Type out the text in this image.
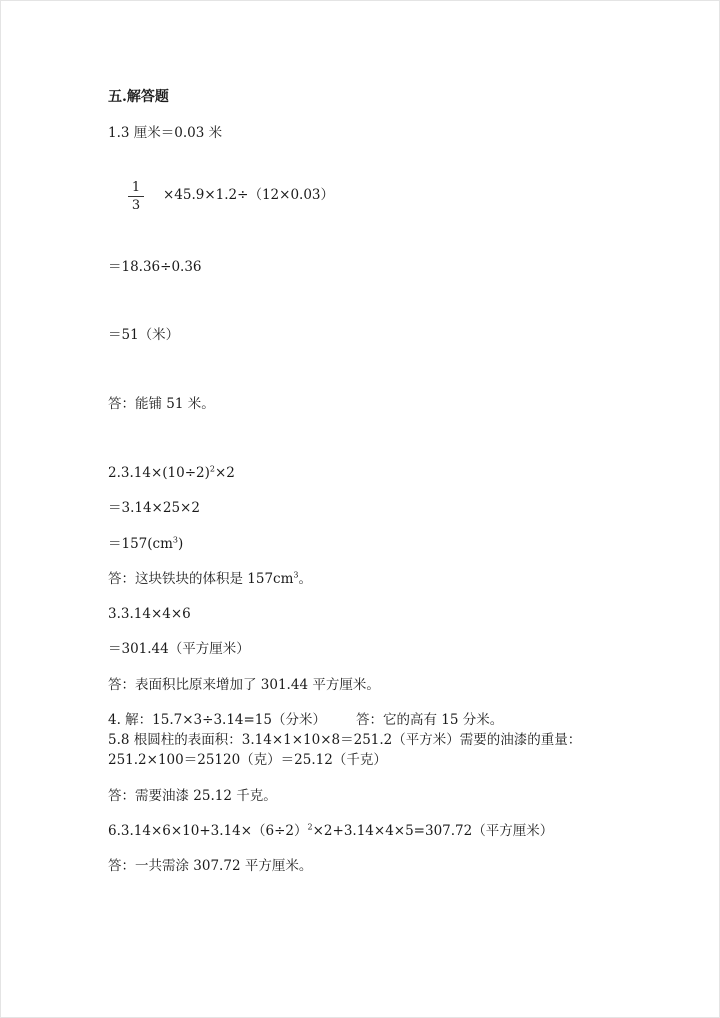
五.解答题
1.3 厘米＝0.03 米
1
3
×45.9×1.2÷（12×0.03）
＝18.36÷0.36
＝51（米）
答：能铺 51 米。
$2.3.14\times(10\div 2)^2\times 2$
＝3.14×25×2
$=157(cm^3)$
答：这块铁块的体积是 $157cm^3$。
3.3.14×4×6
＝301.44（平方厘米）
答：表面积比原来增加了 301.44 平方厘米。
4. 解：15.7×3÷3.14=15（分米） 答：它的高有 15 分米。
5.8 根圆柱的表面积：3.14×1×10×8＝251.2（平方米）需要的油漆的重量：
251.2×100＝25120（克）＝25.12（千克）
答：需要油漆 25.12 千克。
$6.3.14\times 6\times 10+3.14\times(6\div 2)^2\times 2+3.14\times 4\times 5=307.72$（平方厘米）
答：一共需涂 307.72 平方厘米。
